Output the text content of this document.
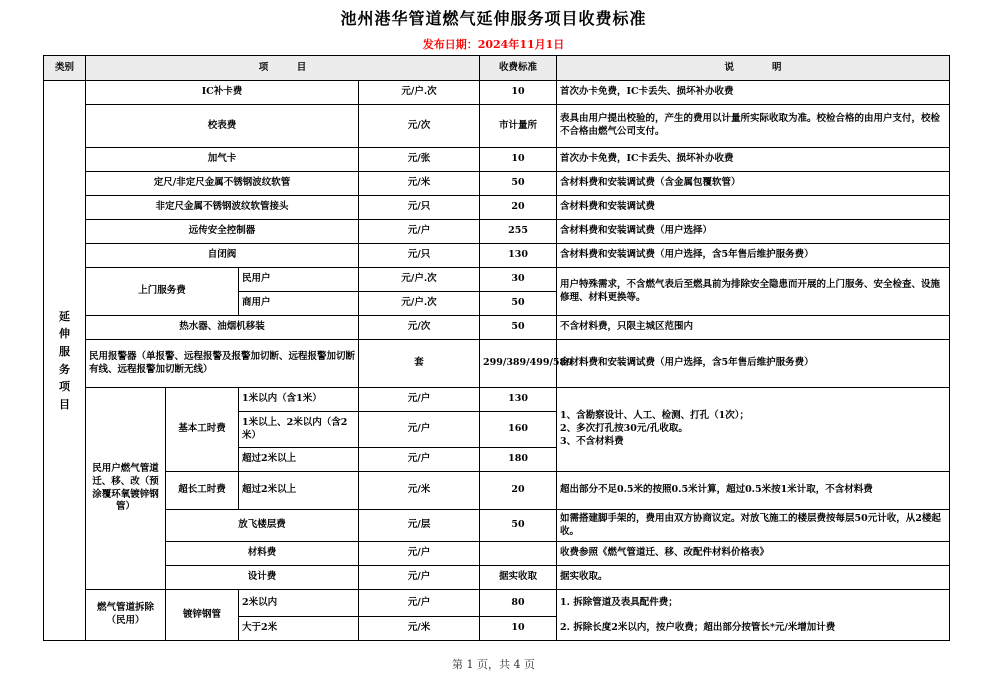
池州港华管道燃气延伸服务项目收费标准
发布日期：2024年11月1日
类别	项　　　目				收费标准	说　　　　明
延伸服务项目	IC补卡费			元/户.次	10	首次办卡免费，IC卡丢失、损坏补办收费
	校表费			元/次	市计量所	表具由用户提出校验的，产生的费用以计量所实际收取为准。校检合格的由用户支付，校检不合格由燃气公司支付。
	加气卡			元/张	10	首次办卡免费，IC卡丢失、损坏补办收费
	定尺/非定尺金属不锈钢波纹软管			元/米	50	含材料费和安装调试费（含金属包覆软管）
	非定尺金属不锈钢波纹软管接头			元/只	20	含材料费和安装调试费
	远传安全控制器			元/户	255	含材料费和安装调试费（用户选择）
	自闭阀			元/只	130	含材料费和安装调试费（用户选择，含5年售后维护服务费）
	上门服务费		民用户	元/户.次	30	用户特殊需求，不含燃气表后至燃具前为排除安全隐患而开展的上门服务、安全检查、设施修理、材料更换等。
			商用户	元/户.次	50	
	热水器、油烟机移装			元/次	50	不含材料费，只限主城区范围内
	民用报警器（单报警、远程报警及报警加切断、远程报警加切断有线、远程报警加切断无线）			套	299/389/499/589	含材料费和安装调试费（用户选择，含5年售后维护服务费）
	民用户燃气管道迁、移、改（预涂覆环氧镀锌钢管）	基本工时费	1米以内（含1米）	元/户	130	1、含勘察设计、人工、检测、打孔（1次）；
2、多次打孔按30元/孔收取。
3、不含材料费
			1米以上、2米以内（含2米）	元/户	160	
			超过2米以上	元/户	180	
		超长工时费	超过2米以上	元/米	20	超出部分不足0.5米的按照0.5米计算，超过0.5米按1米计取，不含材料费
		放飞楼层费		元/层	50	如需搭建脚手架的，费用由双方协商议定。对放飞施工的楼层费按每层50元计收，从2楼起收。
		材料费		元/户		收费参照《燃气管道迁、移、改配件材料价格表》
		设计费		元/户	据实收取	据实收取。
	燃气管道拆除（民用）	镀锌钢管	2米以内	元/户	80	1. 拆除管道及表具配件费；
			大于2米	元/米	10	2. 拆除长度2米以内，按户收费；超出部分按管长*元/米增加计费
第 1 页，共 4 页
